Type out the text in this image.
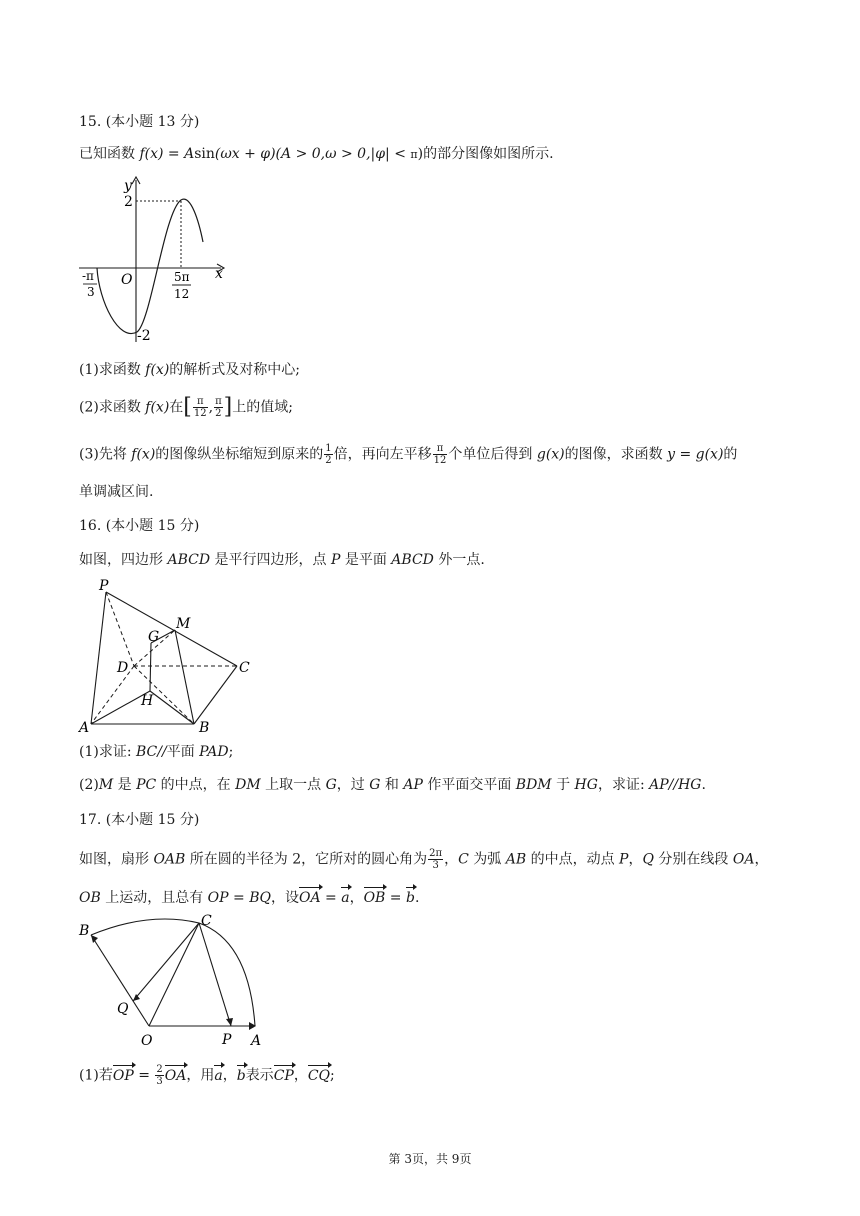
15. (本小题 13 分)
已知函数 f(x) = Asin(ωx + φ)(A > 0,ω > 0,|φ| < π)的部分图像如图所示.
y
x
O
2
-2
-π
3
5π
12
(1)求函数 f(x)的解析式及对称中心;
(2)求函数 f(x)在[ $\frac{\pi}{12}$ , $\frac{\pi}{2}$ ]上的值域;
(3)先将 f(x)的图像纵坐标缩短到原来的 $\frac{1}{2}$ 倍，再向左平移 $\frac{\pi}{12}$ 个单位后得到 g(x)的图像，求函数 y = g(x)的
单调减区间.
16. (本小题 15 分)
如图，四边形 ABCD 是平行四边形，点 P 是平面 ABCD 外一点.
P
M
G
D	C
H
A	B
(1)求证: BC//平面 PAD;
(2)M 是 PC 的中点，在 DM 上取一点 G，过 G 和 AP 作平面交平面 BDM 于 HG，求证: AP//HG.
17. (本小题 15 分)
如图，扇形 OAB 所在圆的半径为 2，它所对的圆心角为 $\frac{2\pi}{3}$ ，C 为弧 AB 的中点，动点 P，Q 分别在线段 OA，
OB 上运动，且总有 OP = BQ，设OA = a，OB = b.
B
C
Q
O	P A
(1)若OP = $\frac{2}{3}$ OA，用a，b表示CP，CQ;
第 3页，共 9页
